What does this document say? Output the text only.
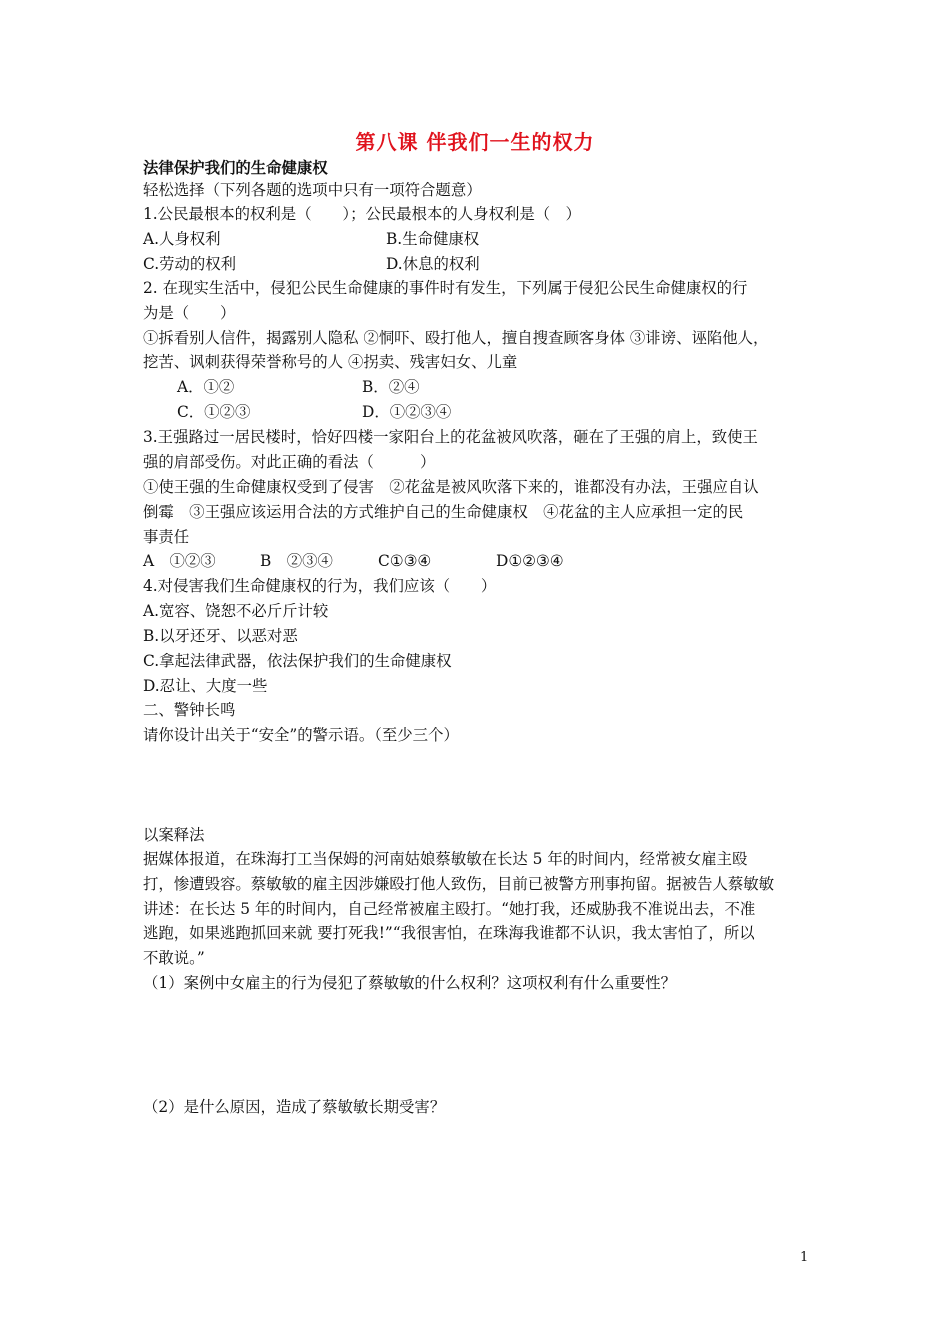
第八课 伴我们一生的权力
法律保护我们的生命健康权
轻松选择（下列各题的选项中只有一项符合题意）
1.公民最根本的权利是（　　）；公民最根本的人身权利是（　）
A.人身权利	B.生命健康权
C.劳动的权利	D.休息的权利
2. 在现实生活中，侵犯公民生命健康的事件时有发生，下列属于侵犯公民生命健康权的行
为是（　　）
①拆看别人信件，揭露别人隐私 ②恫吓、殴打他人，擅自搜查顾客身体 ③诽谤、诬陷他人，
挖苦、讽刺获得荣誉称号的人 ④拐卖、残害妇女、儿童
A．①②	B．②④
C．①②③	D．①②③④
3.王强路过一居民楼时，恰好四楼一家阳台上的花盆被风吹落，砸在了王强的肩上，致使王
强的肩部受伤。对此正确的看法（　　　）
①使王强的生命健康权受到了侵害　②花盆是被风吹落下来的，谁都没有办法，王强应自认
倒霉　③王强应该运用合法的方式维护自己的生命健康权　④花盆的主人应承担一定的民
事责任
A　①②③	B　②③④	C①③④	D①②③④
4.对侵害我们生命健康权的行为，我们应该（　　）
A.宽容、饶恕不必斤斤计较
B.以牙还牙、以恶对恶
C.拿起法律武器，依法保护我们的生命健康权
D.忍让、大度一些
二、警钟长鸣
请你设计出关于“安全”的警示语。（至少三个）
以案释法
据媒体报道，在珠海打工当保姆的河南姑娘蔡敏敏在长达 5 年的时间内，经常被女雇主殴
打，惨遭毁容。蔡敏敏的雇主因涉嫌殴打他人致伤，目前已被警方刑事拘留。据被告人蔡敏敏
讲述：在长达 5 年的时间内，自己经常被雇主殴打。“她打我，还威胁我不准说出去，不准
逃跑，如果逃跑抓回来就 要打死我!”“我很害怕，在珠海我谁都不认识，我太害怕了，所以
不敢说。”
（1）案例中女雇主的行为侵犯了蔡敏敏的什么权利？这项权利有什么重要性？
（2）是什么原因，造成了蔡敏敏长期受害？
1
